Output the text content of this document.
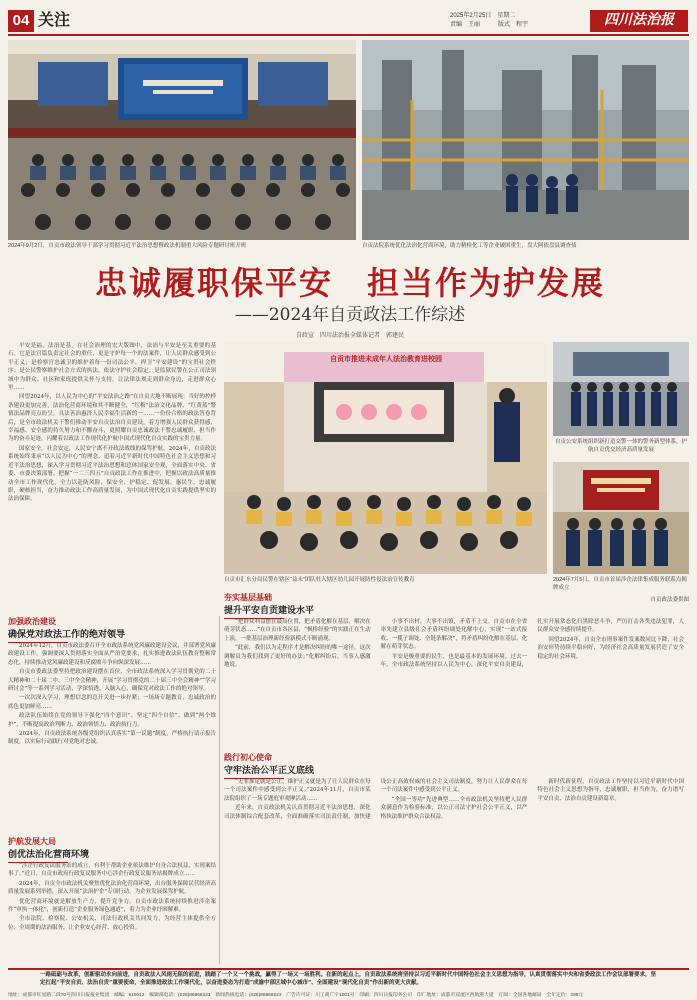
04 关注	2025年2月25日　星期二
责编　王丽　　　版式　程宇	四川法治报
2024年9月2日，自贡市政法领导干部学习贯彻习近平法治思想暨政法机制重大风险专题研讨班开班	自贡法院系统优化法治化营商环境，助力精检化工等企业破困重生，盘大阿依盘县调查侦
忠诚履职保平安　担当作为护发展
——2024年自贡政法工作综述
自政宣　四川法治报全媒体记者　郭建民

平安是福，法治是基。在社会治理的宏大版图中，法治与平安是至关重要的基石。它是法官篇负责定社会的重任，更是守护每一个的法案件，让人民群众感受到公平正义；是检察官忠诚卫的维护着每一份司法公平，捍卫“平安建设”的宝贵社会秩序；是公民警察维护社会方式的执法，依法守护社会稳定；是监狱民警在公正司法领域中为群众、社区和家庭提供关怀与支持，让法律法规走到群众身边，走进群众心里……

回望2024年，以人民为中心的“平安法治之路”在自贡大地不断展现：当好的控样条建设更加完善，法治化营商环境和其不断健全，“红梅”法治文化品牌、“红黄蓝”警情法品牌亮点纷呈，良法善治惠泽人民幸福生活新的一……一份份合格的政法答卷背后，是全市政法机关干警们推动平安自贡法治自贡建设，着力增强人民群众获得感、幸福感、安全感的持久努力和不懈奋斗，更照耀自贡忠诚政法干警忠诚履职、担当作为的奋斗足迹，闪耀着以政法工作现代化护航中国式现代化自贡实践的宝贵力量。

国家安全，社会安定，人民安宁离不开政法战线的保驾护航。2024年，自贡政法系统始终秉承“以人民为中心”的理念，追着习近平新时代中国特色社会主义思想和习近平法治思想，深入学习贯彻习近平法治思想和总体国家安全观，全面落实中央、省委、市委决策部署，把握“一二三四五”自贡政法工作在推进中，把握以政法高质量推动全市工作现代化，全力以赴防风险、保安全、护稳定、促发展、惠民生，忠诚履职，硬核担当，奋力推动政法工作高质量发展，为中国式现代化自贡实践提供坚实的法治保障。

自贡市推进未成年人法治教育进校园
自贡市汇东分局民警在辖区“益未”团队驻入辖区幼儿园开展防性侵法治宣传教育
自贡公安系统组织新打造交警一体的警务新型体系，护航自贡优交经济高质量发展
2024年7月5日，自贡市首届涉企法律集成服务联系点揭牌成立
自贡政法委供图
加强政治建设
确保党对政法工作的绝对领导

2024年12月，自贡市政法委召开全市政法系统党风廉政建设会议，并部署党风廉政建设工作，强调要深入贯彻落实全面从严治党要求，扎实推进政法队伍教育整顿常态化，持续推动党风廉政建设和反腐败斗争向纵深发展……

自贡市委政法委坚持把政治建设摆在首位，全市政法系统深入学习贯彻党的二十大精神和二十届二中、三中全会精神，开展“学习贯彻党的二十届三中全会精神”“学习研讨会”等一系列学习活动，学深悟透、入脑入心，确保党对政法工作的绝对领导。

一次次深入学习，理想信念的总开关进一步拧紧；一场场专题教育，忠诚政治的底色更加鲜亮……

政法队伍始终在党的领导下强化“四个意识”、坚定“四个自信”、做到“两个维护”，不断提高政治判断力、政治领悟力、政治执行力。

2024年，自贡政法系统各级党组织认真落实“第一议题”制度，严格执行请示报告制度，以实际行动践行对党绝对忠诚。

护航发展大局
创优法治化营商环境

“涉企行政复议服务站的成立，有利于帮助企业依法维护自身合法权益，实现案结事了。”近日，自贡市政府行政复议服务中心涉企行政复议服务站揭牌成立……

2024年，自贡全市政法机关聚焦优化法治化营商环境，出台服务保障民营经济高质量发展系列举措，深入开展“法治护企”专项行动，为企业发展保驾护航。

优化营商环境就是解放生产力，提升竞争力。自贡市政法系统持续推进涉企案件“审执一体化”，创新打造“企业服务绿色通道”，着力为企业纾困解难。

全市法院、检察院、公安机关、司法行政机关共同发力，为经营主体提供全方位、全周期的法治服务，让企业安心经营、放心投资。

夯实基层基础
提升平安自贡建设水平

“把群众利益摆在最高位置，把矛盾化解在基层、解决在萌芽状态……”在自贡市各区县，“枫桥经验”的实践正在生动上演，一批基层治理新经验新模式不断涌现。

“此前，我们以为走程序才是解决纠纷的唯一途径，这次调解员为我们找到了更好的办法。”化解纠纷后，当事人感激地说。

小事不出村、大事不出镇，矛盾不上交。自贡市在全省率先建立县级社会矛盾纠纷调处化解中心，实现“一站式接收、一揽子调处、全链条解决”，将矛盾纠纷化解在基层、化解在萌芽状态。

平安是极重要的民生，也是最基本的发展环境。过去一年，全市政法系统坚持以人民为中心，深化平安自贡建设，扎实开展常态化扫黑除恶斗争，严厉打击各类违法犯罪，人民群众安全感持续提升。

回望2024年，自贡全市刑事案件发案数同比下降，社会治安形势持续平稳向好，为经济社会高质量发展营造了安全稳定的社会环境。

践行初心使命
守牢法治公平正义底线

“无罪推定就是公正，维护正义就是为了让人民群众在每一个司法案件中感受到公平正义。”2024年11月，自贡市某法院组织了一场专题庭审观摩活动……

近年来，自贡政法机关认真贯彻习近平法治思想，深化司法体制综合配套改革，全面准确落实司法责任制，加快建设公正高效权威的社会主义司法制度，努力让人民群众在每一个司法案件中感受到公平正义。

“全国一等功”先进典型……全市政法机关坚持把人民群众满意作为检验标准，以公正司法守护社会公平正义，以严格执法维护群众合法权益。

新时代新征程，自贡政法工作坚持以习近平新时代中国特色社会主义思想为指导，忠诚履职、担当作为，奋力谱写平安自贡、法治自贡建设新篇章。

一路砥砺与改革，创新驱动永向前进，自贡政法人风雨无阻的前进，践踏了一个又一个挑战，赢得了一场又一场胜利。在新的起点上，自贡政法系统将坚持以习近平新时代中国特色社会主义思想为指导，认真贯彻落实中央和省委政法工作会议部署要求，坚定扛起“平安自贡、法治自贡”重要使命，全面推进政法工作现代化，以奋进姿态为打造“成渝中部区域中心城市”、全面建设“现代化自贡”作出新的更大贡献。
地址：成都市红星路二段70号四川日报报业集团　邮编：610012　编辑部电话：(028)86968221　新闻热线电话：(028)86968223　广告许可证：川工商广字1001号　印刷：四川日报印务公司　印厂地址：成都市双流区西航港大道　订阅：全国各地邮局　全年定价：288元
